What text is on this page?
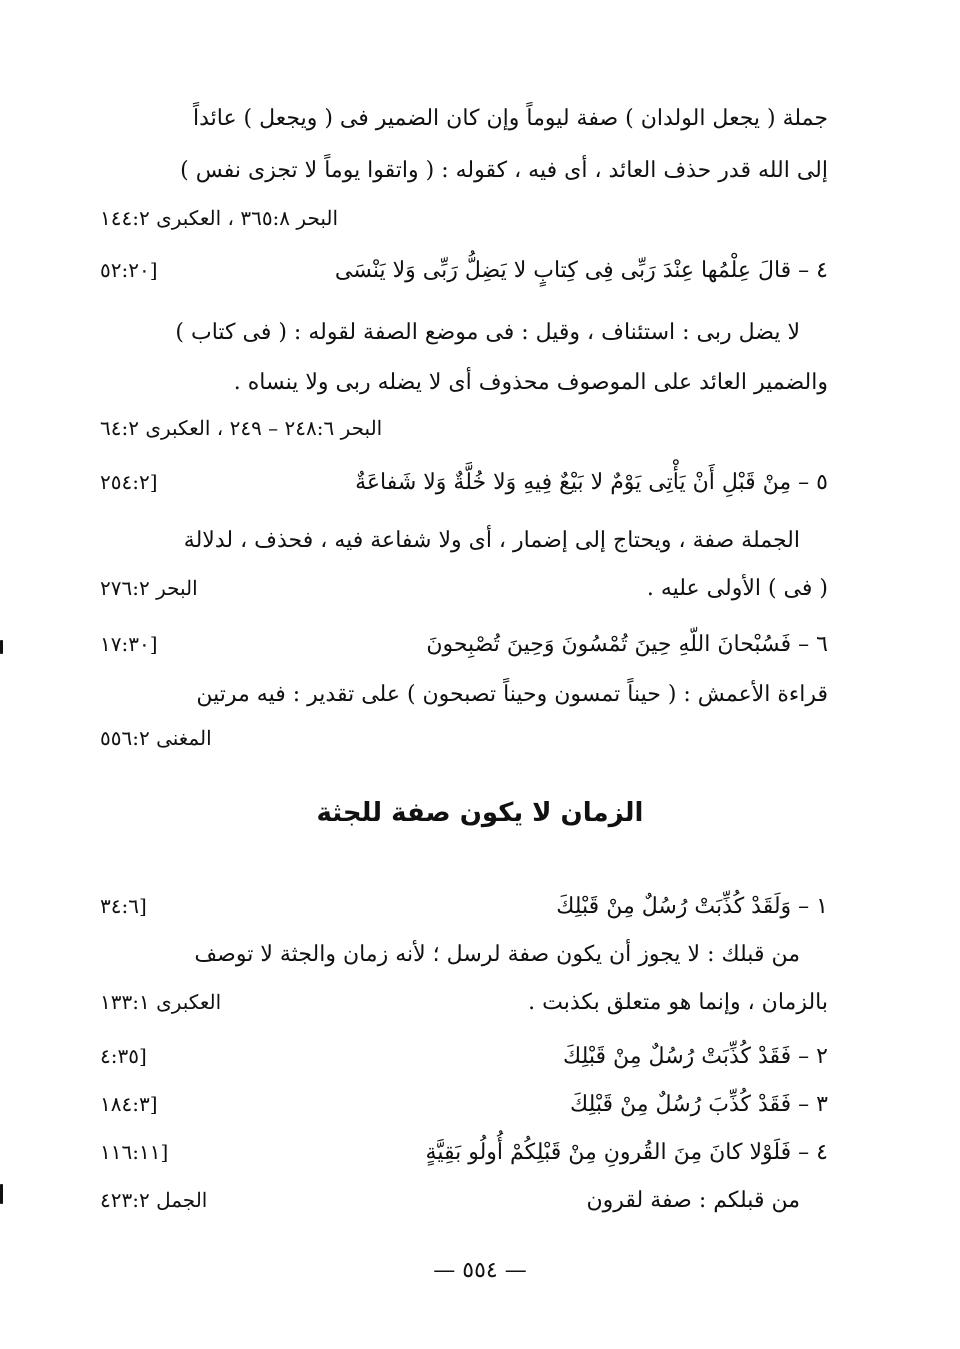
جملة ( يجعل الولدان ) صفة ليوماً وإن كان الضمير فى ( ويجعل ) عائداً
إلى الله قدر حذف العائد ، أى فيه ، كقوله : ( واتقوا يوماً لا تجزى نفس )
البحر ٣٦٥:٨ ، العكبرى ١٤٤:٢
٤ – قالَ عِلْمُها عِنْدَ رَبِّى فِى كِتابٍ لا يَضِلُّ رَبِّى وَلا يَنْسَى
[٥٢:٢٠
لا يضل ربى : استئناف ، وقيل : فى موضع الصفة لقوله : ( فى كتاب )
والضمير العائد على الموصوف محذوف أى لا يضله ربى ولا ينساه .
البحر ٢٤٨:٦ – ٢٤٩ ، العكبرى ٦٤:٢
٥ – مِنْ قَبْلِ أَنْ يَأْتِى يَوْمٌ لا بَيْعٌ فِيهِ وَلا خُلَّةٌ وَلا شَفاعَةٌ
[٢٥٤:٢
الجملة صفة ، ويحتاج إلى إضمار ، أى ولا شفاعة فيه ، فحذف ، لدلالة
( فى ) الأولى عليه .
البحر ٢٧٦:٢
٦ – فَسُبْحانَ اللّهِ حِينَ تُمْسُونَ وَحِينَ تُصْبِحونَ
[١٧:٣٠
قراءة الأعمش : ( حيناً تمسون وحيناً تصبحون ) على تقدير : فيه مرتين
المغنى ٥٥٦:٢
الزمان لا يكون صفة للجثة
١ – وَلَقَدْ كُذِّبَتْ رُسُلٌ مِنْ قَبْلِكَ
[٣٤:٦
من قبلك : لا يجوز أن يكون صفة لرسل ؛ لأنه زمان والجثة لا توصف
بالزمان ، وإنما هو متعلق بكذبت .
العكبرى ١٣٣:١
٢ – فَقَدْ كُذِّبَتْ رُسُلٌ مِنْ قَبْلِكَ
[٤:٣٥
٣ – فَقَدْ كُذِّبَ رُسُلٌ مِنْ قَبْلِكَ
[١٨٤:٣
٤ – فَلَوْلا كانَ مِنَ القُرونِ مِنْ قَبْلِكُمْ أُولُو بَقِيَّةٍ
[١١٦:١١
من قبلكم : صفة لقرون
الجمل ٤٢٣:٢
— ٥٥٤ —
